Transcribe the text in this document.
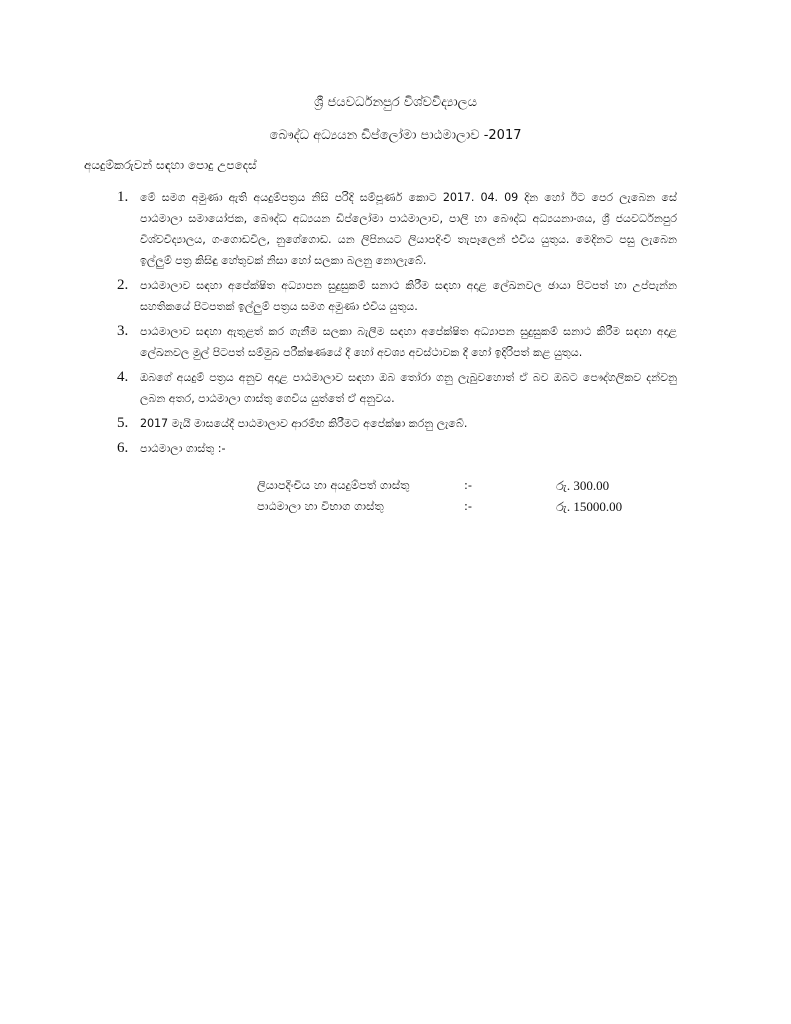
ශ්‍රී ජයවර්ධනපුර විශ්වවිද්‍යාලය
බෞද්ධ අධ්‍යයන ඩිප්ලෝමා පාඨමාලාව -2017
අයදුම්කරුවන් සඳහා පොදු උපදෙස්
1. මේ සමග අමුණා ඇති අයදුම්පත්‍රය නිසි පරිදි සම්පූර්ණ කොට 2017. 04. 09 දින හෝ ඊට පෙර ලැබෙන සේ පාඨමාලා සමායෝජක, බෞද්ධ අධ්‍යයන ඩිප්ලෝමා පාඨමාලාව, පාලි හා බෞද්ධ අධ්‍යයනාංශය, ශ්‍රී ජයවර්ධනපුර විශ්වවිද්‍යාලය, ගංගොඩවිල, නුගේගොඩ. යන ලිපිනයට ලියාපදිංචි තැපෑලෙන් එවිය යුතුය. මෙදිනට පසු ලැබෙන ඉල්ලුම් පත්‍ර කිසිඳු හේතුවක් නිසා හෝ සලකා බලනු නොලැබේ.
2. පාඨමාලාව සඳහා අපේක්ෂිත අධ්‍යාපන සුදුසුකම් සනාථ කිරීම සඳහා අදාළ ලේඛනවල ඡායා පිටපත් හා උප්පැන්න සහතිකයේ පිටපතක් ඉල්ලුම් පත්‍රය සමග අමුණා එවිය යුතුය.
3. පාඨමාලාව සඳහා ඇතුළත් කර ගැනීම සලකා බැලීම සඳහා අපේක්ෂිත අධ්‍යාපන සුදුසුකම් සනාථ කිරීම සඳහා අදාළ ලේඛනවල මුල් පිටපත් සම්මුඛ පරීක්ෂණයේ දී හෝ අවශ්‍ය අවස්ථාවක දී හෝ ඉදිරිපත් කළ යුතුය.
4. ඔබගේ අයදුම් පත්‍රය අනුව අදාළ පාඨමාලාව සඳහා ඔබ තෝරා ගනු ලැබුවහොත් ඒ බව ඔබට පෞද්ගලිකව දන්වනු ලබන අතර, පාඨමාලා ගාස්තු ගෙවිය යුත්තේ ඒ අනුවය.
5. 2017 මැයි මාසයේදී පාඨමාලාව ආරම්භ කිරීමට අපේක්ෂා කරනු ලැබේ.
6. පාඨමාලා ගාස්තු :-
ලියාපදිංචිය හා අයදුම්පත් ගාස්තු	:-	රු. 300.00
පාඨමාලා හා විභාග ගාස්තු	:-	රු. 15000.00
